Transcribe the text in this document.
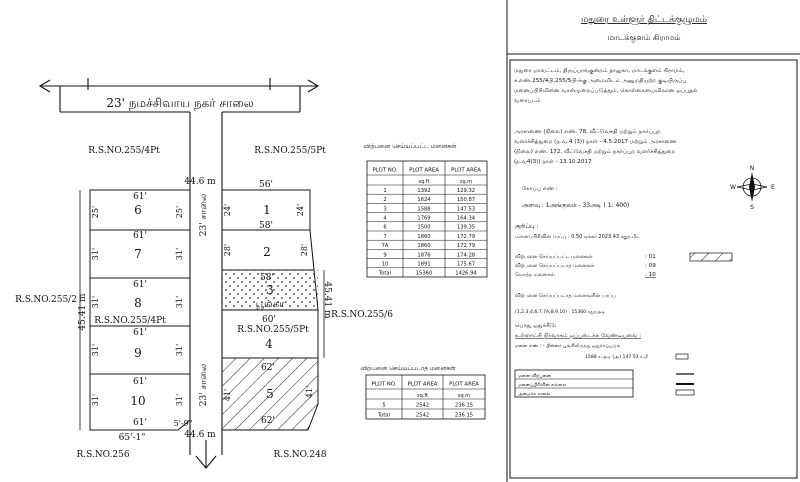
23' நமச்சிவாய நகர் சாலை
23' சாலை
23' சாலை
44.6 m
44.6 m
R.S.NO.255/4Pt	R.S.NO.255/5Pt
R.S.NO.255/2
R.S.NO.255/4Pt
R.S.NO.255/5Pt
R.S.NO.255/6
R.S.NO.256	R.S.NO.248
6
61'
25'	25'
7
61'
31'	31'
8
61'
31'	31'
9
61'
31'	31'
10
61'
31'	31'
61'
65'-1"
5'-9"
45.41 m
1
56'
24'	24'
58'
2
28'	28'
58'
3
பூங்கா
60'
4
62'
5
41'	41'
62'
45.41 m
விற்பனை செய்யப்பட்ட மனைகள்
PLOT NO. PLOT AREA
sq.ft
PLOT AREA
sq.m
1	1392	129.32
2	1624	150.87
3	1588	147.53
4	1769	164.34
6	1500	139.35
7	1860	172.79
7A	1860	172.79
9	1876	174.28
10	1891	175.67
Total	15360	1426.94
விற்பனை செய்யப்படாத மனைகள்
PLOT NO. PLOT AREA
sq.ft
PLOT AREA
sq.m
5	2542	236.15
Total	2542	236.15
மதுரை உள்ளூர் திட்டக்குழுமம்
மாடக்குளம் கிராமம்
மதுரை மாவட்டம், திருப்பரங்குன்றம் தாலுகா, மாடக்குளம் கிராமம்,
ச.எண்.255/4பி,255/5பி-க்கு அமைவிடம் அனுமதியற்ற குடியிருப்பு
மனைப்பிரிவினை வரன்முறைப்படுத்தும், கொள்கையைவிலான ஒப்புதல்
வரைபடம்
அரசாணை (நிலை) எண். 78, வீட்டுவசதி மற்றும் நகர்ப்புற
வளர்ச்சித்துறை (ந.வ.4 (3)) நாள் - 4.5.2017 மற்றும் அரசாணை
(நிலை) எண். 172, வீட்டுவசதி மற்றும் நகர்ப்புற வளர்ச்சித்துறை
(ந.வ4(3)) நாள் - 13.10.2017
கோப்பு எண் :
அளவு : 1அங்குலம் - 33அடி ( 1: 400)
N
S
E
W
குறிப்பு :
மனைப்பிரிவின் பரப்பு : 0.50 ஏக்கர் 2023.43 சதுர.மீட்
விற்பனை செய்யப்பட்ட மனைகள்	: 01
விற்பனை செய்யப்படாத மனைகள்	: 09
மொத்த மனைகள்	: 10
விற்பனை செய்யப்படாத மனைகளின் பரப்பு
(1,2,3,4,6,7,7A,8,9,10) : 15360 சதுரஅடி
பொது ஒதுக்கீடு:
உள்ளாட்சி நிர்வாகம் ஒப்படைக்க வேண்டியவை :
மனை எண் : - பின்னர் பூங்கிலிருந்து ஒதுக்கப்படும்
1588 ச.அடி (அ) 147.53 ச.மீ
மனை விற்பனை
மனைப்பிரிவின் எல்லை
அமைக்க சாலை
